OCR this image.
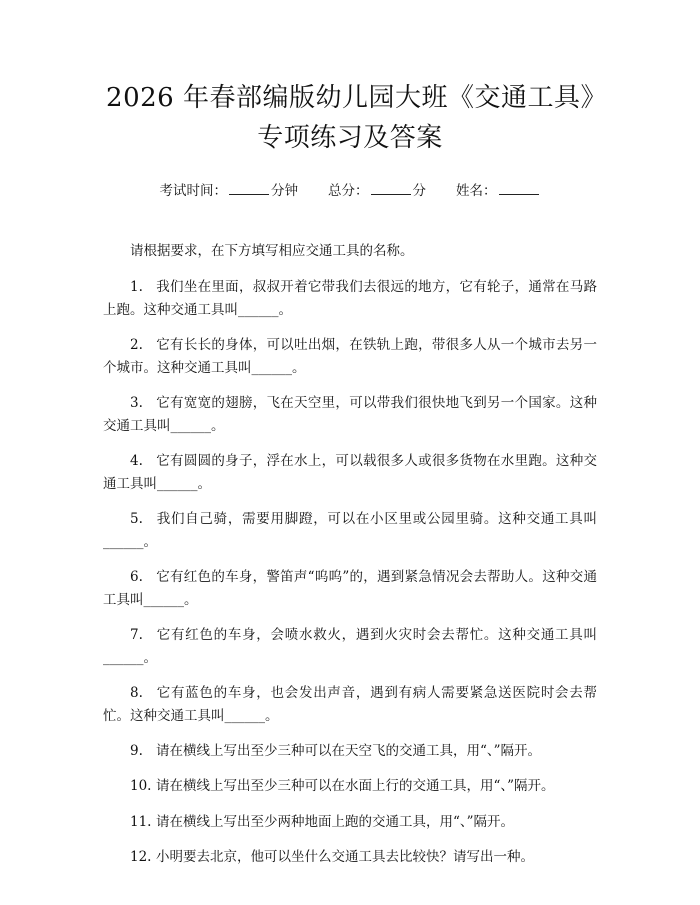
2026 年春部编版幼儿园大班《交通工具》专项练习及答案
考试时间：	分钟 总分：	分 姓名：

请根据要求，在下方填写相应交通工具的名称。

1. 我们坐在里面，叔叔开着它带我们去很远的地方，它有轮子，通常在马路上跑。这种交通工具叫______。

2. 它有长长的身体，可以吐出烟，在铁轨上跑，带很多人从一个城市去另一个城市。这种交通工具叫______。

3. 它有宽宽的翅膀，飞在天空里，可以带我们很快地飞到另一个国家。这种交通工具叫______。

4. 它有圆圆的身子，浮在水上，可以载很多人或很多货物在水里跑。这种交通工具叫______。

5. 我们自己骑，需要用脚蹬，可以在小区里或公园里骑。这种交通工具叫______。

6. 它有红色的车身，警笛声“呜呜”的，遇到紧急情况会去帮助人。这种交通工具叫______。

7. 它有红色的车身，会喷水救火，遇到火灾时会去帮忙。这种交通工具叫______。

8. 它有蓝色的车身，也会发出声音，遇到有病人需要紧急送医院时会去帮忙。这种交通工具叫______。

9. 请在横线上写出至少三种可以在天空飞的交通工具，用“、”隔开。

10. 请在横线上写出至少三种可以在水面上行的交通工具，用“、”隔开。

11. 请在横线上写出至少两种地面上跑的交通工具，用“、”隔开。

12. 小明要去北京，他可以坐什么交通工具去比较快？请写出一种。
